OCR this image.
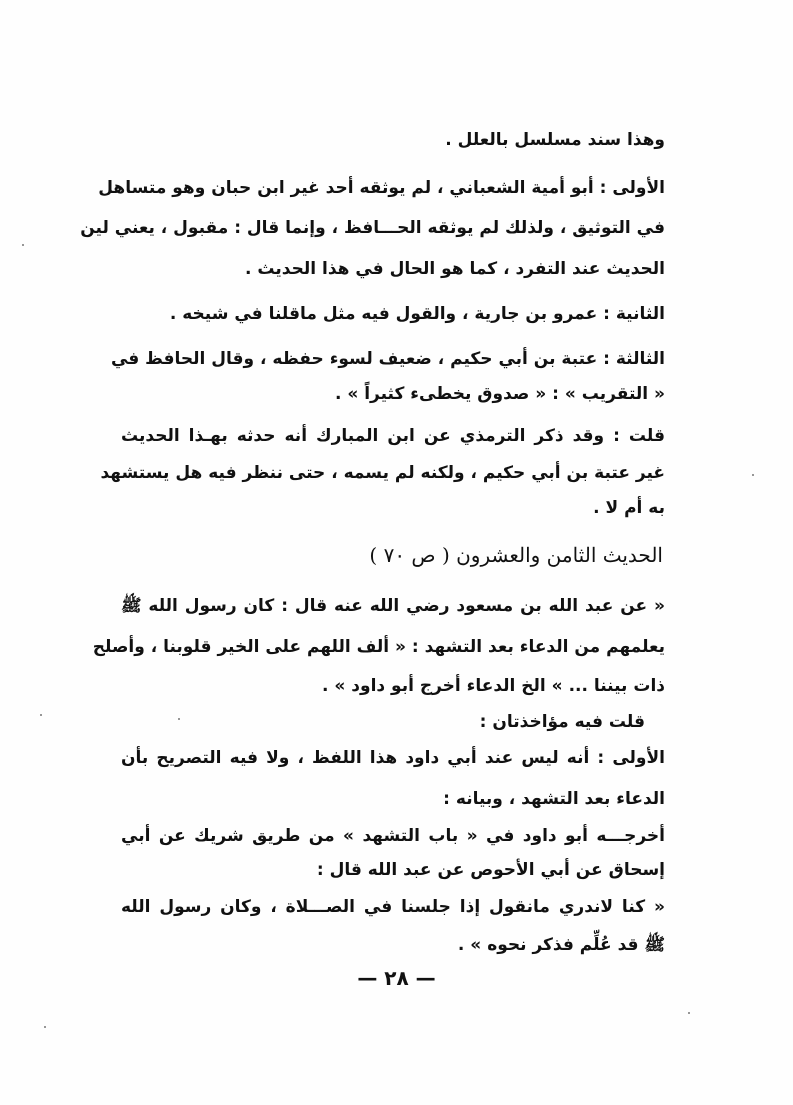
وهذا سند مسلسل بالعلل .
الأولى : أبو أمية الشعباني ، لم يوثقه أحد غير ابن حبان وهو متساهل
في التوثيق ، ولذلك لم يوثقه الحـــافظ ، وإنما قال : مقبول ، يعني لين
الحديث عند التفرد ، كما هو الحال في هذا الحديث .
الثانية : عمرو بن جارية ، والقول فيه مثل ماقلنا في شيخه .
الثالثة : عتبة بن أبي حكيم ، ضعيف لسوء حفظه ، وقال الحافظ في
« التقريب » : « صدوق يخطىء كثيراً » .
قلت : وقد ذكر الترمذي عن ابن المبارك أنه حدثه بهـذا الحديث
غير عتبة بن أبي حكيم ، ولكنه لم يسمه ، حتى ننظر فيه هل يستشهد
به أم لا .
الحديث الثامن والعشرون ( ص ٧٠ )
« عن عبد الله بن مسعود رضي الله عنه قال : كان رسول الله ﷺ
يعلمهم من الدعاء بعد التشهد : « ألف اللهم على الخير قلوبنا ، وأصلح
ذات بيننا ... » الخ الدعاء أخرج أبو داود » .
قلت فيه مؤاخذتان :
الأولى : أنه ليس عند أبي داود هذا اللفظ ، ولا فيه التصريح بأن
الدعاء بعد التشهد ، وبيانه :
أخرجـــه أبو داود في « باب التشهد » من طريق شريك عن أبي
إسحاق عن أبي الأحوص عن عبد الله قال :
« كنا لاندري مانقول إذا جلسنا في الصـــلاة ، وكان رسول الله
ﷺ قد عُلِّم فذكر نحوه » .
— ٢٨ —
